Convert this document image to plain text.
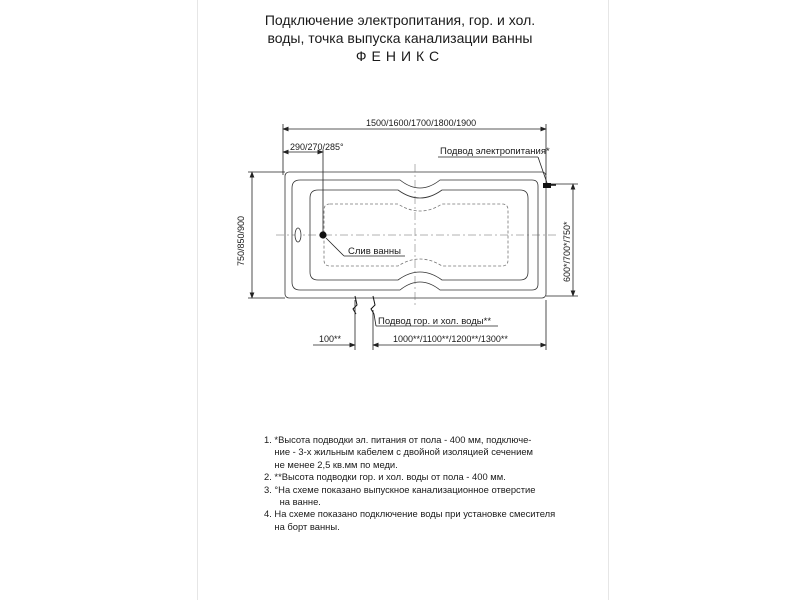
Подключение электропитания, гор. и хол.
воды, точка выпуска канализации ванны
ФЕНИКС
1500/1600/1700/1800/1900
290/270/285°
750/850/900	600*/700*/750*
Слив ванны
Подвод электропитания*
Подвод гор. и хол. воды**
100**	1000**/1100**/1200**/1300**
1. *Высота подводки эл. питания от пола - 400 мм, подключе-
ние - 3-х жильным кабелем с двойной изоляцией сечением
не менее 2,5 кв.мм по меди.
2. **Высота подводки гор. и хол. воды от пола - 400 мм.
3. °На схеме показано выпускное канализационное отверстие
на ванне.
4. На схеме показано подключение воды при установке смесителя
на борт ванны.
